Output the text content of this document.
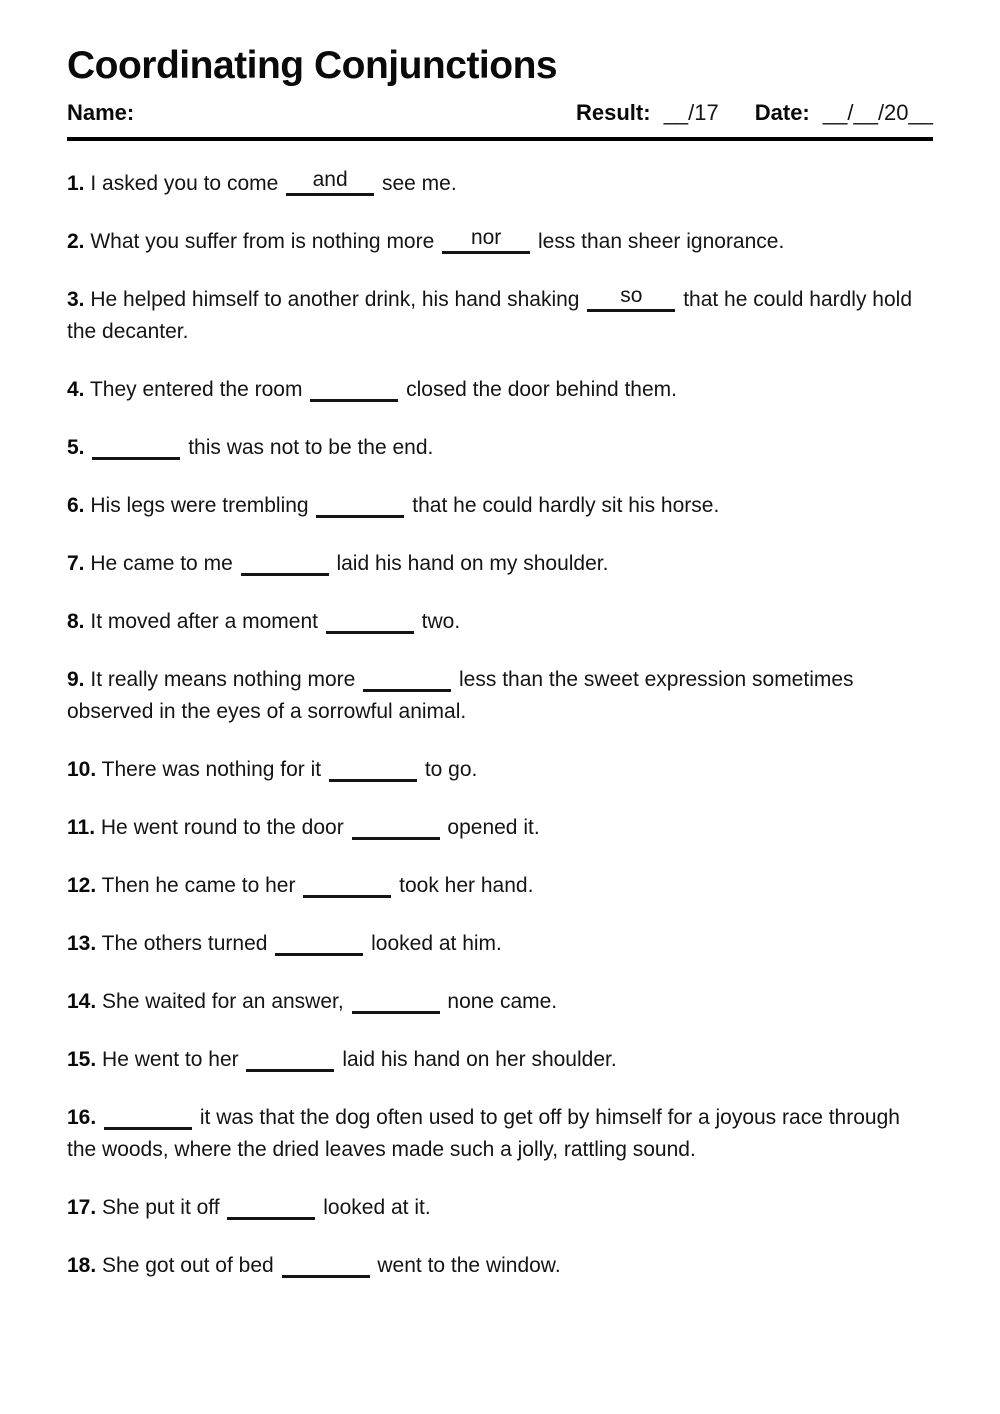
Coordinating Conjunctions
Name:	Result: __/17 Date: __/__/20__

1. I asked you to come	and	see me.

2. What you suffer from is nothing more	nor	less than sheer ignorance.

3. He helped himself to another drink, his hand shaking	so	that he could hardly hold the decanter.

4. They entered the room	closed the door behind them.

5.	this was not to be the end.

6. His legs were trembling	that he could hardly sit his horse.

7. He came to me	laid his hand on my shoulder.

8. It moved after a moment	two.

9. It really means nothing more	less than the sweet expression sometimes observed in the eyes of a sorrowful animal.

10. There was nothing for it	to go.

11. He went round to the door	opened it.

12. Then he came to her	took her hand.

13. The others turned	looked at him.

14. She waited for an answer,	none came.

15. He went to her	laid his hand on her shoulder.

16.	it was that the dog often used to get off by himself for a joyous race through the woods, where the dried leaves made such a jolly, rattling sound.

17. She put it off	looked at it.

18. She got out of bed	went to the window.
